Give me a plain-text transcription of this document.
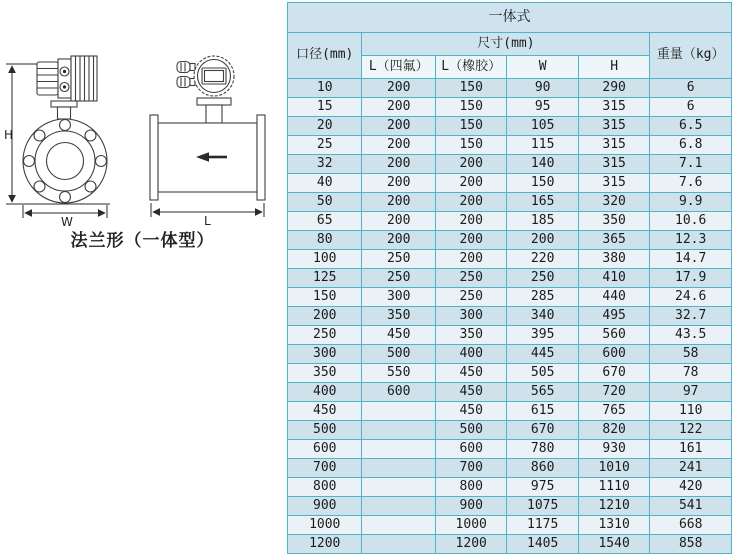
H
W	L
法兰形（一体型）
一体式					
口径(mm)	尺寸(mm)				重量（kg）
	L（四氟）	L（橡胶）	W	H	
10	200	150	90	290	6
15	200	150	95	315	6
20	200	150	105	315	6.5
25	200	150	115	315	6.8
32	200	200	140	315	7.1
40	200	200	150	315	7.6
50	200	200	165	320	9.9
65	200	200	185	350	10.6
80	200	200	200	365	12.3
100	250	200	220	380	14.7
125	250	250	250	410	17.9
150	300	250	285	440	24.6
200	350	300	340	495	32.7
250	450	350	395	560	43.5
300	500	400	445	600	58
350	550	450	505	670	78
400	600	450	565	720	97
450		450	615	765	110
500		500	670	820	122
600		600	780	930	161
700		700	860	1010	241
800		800	975	1110	420
900		900	1075	1210	541
1000		1000	1175	1310	668
1200		1200	1405	1540	858
